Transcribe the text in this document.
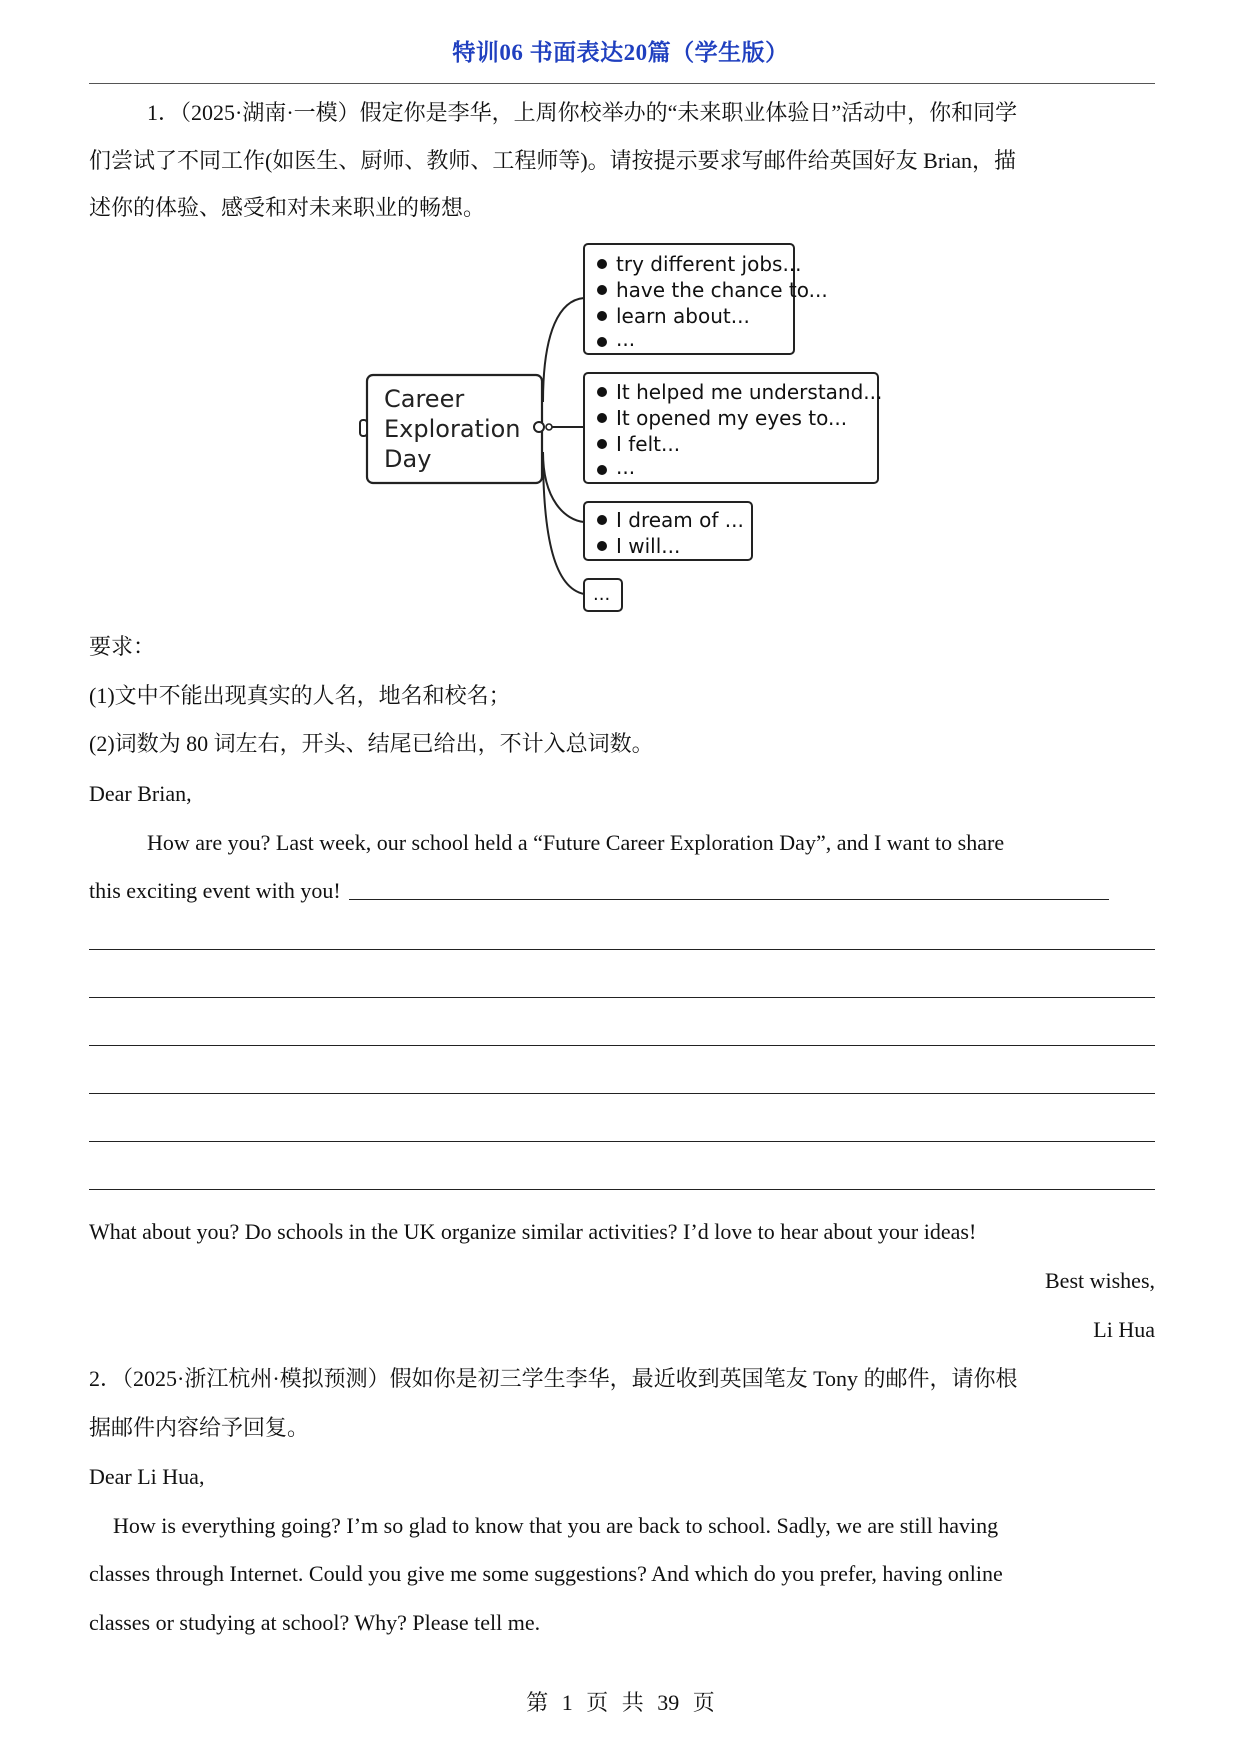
特训06 书面表达20篇（学生版）
1．（2025·湖南·一模）假定你是李华，上周你校举办的“未来职业体验日”活动中，你和同学
们尝试了不同工作(如医生、厨师、教师、工程师等)。请按提示要求写邮件给英国好友 Brian，描
述你的体验、感受和对未来职业的畅想。
Career
Exploration
Day
try different jobs...
have the chance to...
learn about...
...
It helped me understand...
It opened my eyes to...
I felt...
...
I dream of ...
I will...
...
要求：
(1)文中不能出现真实的人名，地名和校名；
(2)词数为 80 词左右，开头、结尾已给出，不计入总词数。
Dear Brian,
How are you? Last week, our school held a “Future Career Exploration Day”, and I want to share
this exciting event with you!
What about you? Do schools in the UK organize similar activities? I’d love to hear about your ideas!
Best wishes,
Li Hua
2．（2025·浙江杭州·模拟预测）假如你是初三学生李华，最近收到英国笔友 Tony 的邮件，请你根
据邮件内容给予回复。
Dear Li Hua,
How is everything going? I’m so glad to know that you are back to school. Sadly, we are still having
classes through Internet. Could you give me some suggestions? And which do you prefer, having online
classes or studying at school? Why? Please tell me.
第 1 页 共 39 页
